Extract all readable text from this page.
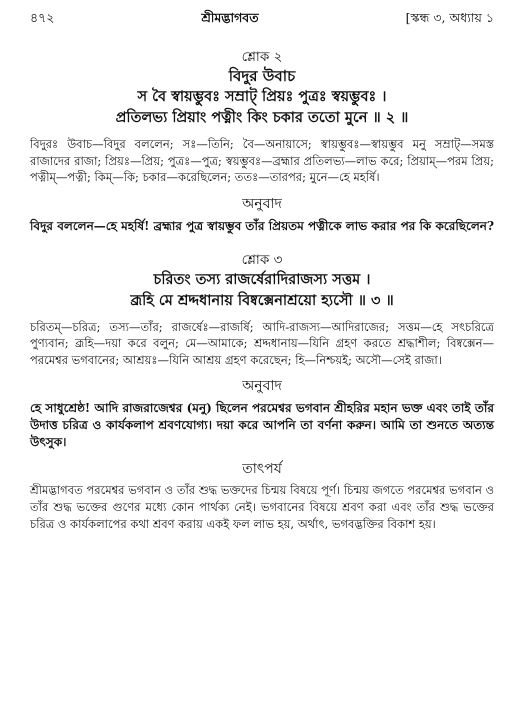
৪৭২	শ্রীমদ্ভাগবত	[স্কন্ধ ৩, অধ্যায় ১
শ্লোক ২
বিদুর উবাচ
স বৈ স্বায়ম্ভুবঃ সম্রাট্‌ প্রিয়ঃ পুত্রঃ স্বয়ম্ভুবঃ ।
প্রতিলভ্য প্রিয়াং পত্নীং কিং চকার ততো মুনে ॥ ২ ॥
বিদুরঃ উবাচ—বিদুর বললেন; সঃ—তিনি; বৈ—অনায়াসে; স্বায়ম্ভুবঃ—স্বায়ম্ভুব মনু সম্রাট্‌—সমস্ত রাজাদের রাজা; প্রিয়ঃ—প্রিয়; পুত্রঃ—পুত্র; স্বয়ম্ভুবঃ—ব্রহ্মার প্রতিলভ্য—লাভ করে; প্রিয়াম্‌—পরম প্রিয়; পত্নীম্‌—পত্নী; কিম্‌—কি; চকার—করেছিলেন; ততঃ—তারপর; মুনে—হে মহর্ষি।
অনুবাদ
বিদুর বললেন—হে মহর্ষি! ব্রহ্মার পুত্র স্বায়ম্ভুব তাঁর প্রিয়তম পত্নীকে লাভ করার পর কি করেছিলেন?
শ্লোক ৩
চরিতং তস্য রাজর্ষেরাদিরাজস্য সত্তম ।
ব্রূহি মে শ্রদ্দধানায় বিষ্বক্সেনাশ্রয়ো হ্যসৌ ॥ ৩ ॥
চরিতম্‌—চরিত্র; তস্য—তাঁর; রাজর্ষেঃ—রাজর্ষি; আদি-রাজস্য—আদিরাজের; সত্তম—হে সৎচরিত্রে পুণ্যবান; ব্রূহি—দয়া করে বলুন; মে—আমাকে; শ্রদ্দধানায়—যিনি গ্রহণ করতে শ্রদ্ধাশীল; বিষ্বক্সেন—পরমেশ্বর ভগবানের; আশ্রয়ঃ—যিনি আশ্রয় গ্রহণ করেছেন; হি—নিশ্চয়ই; অসৌ—সেই রাজা।
অনুবাদ
হে সাধুশ্রেষ্ঠ! আদি রাজরাজেশ্বর (মনু) ছিলেন পরমেশ্বর ভগবান শ্রীহরির মহান ভক্ত এবং তাই তাঁর উদাত্ত চরিত্র ও কার্যকলাপ শ্রবণযোগ্য। দয়া করে আপনি তা বর্ণনা করুন। আমি তা শুনতে অত্যন্ত উৎসুক।
তাৎপর্য
শ্রীমদ্ভাগবত পরমেশ্বর ভগবান ও তাঁর শুদ্ধ ভক্তদের চিন্ময় বিষয়ে পূর্ণ। চিন্ময় জগতে পরমেশ্বর ভগবান ও তাঁর শুদ্ধ ভক্তের গুণের মধ্যে কোন পার্থক্য নেই। ভগবানের বিষয়ে শ্রবণ করা এবং তাঁর শুদ্ধ ভক্তের চরিত্র ও কার্যকলাপের কথা শ্রবণ করায় একই ফল লাভ হয়, অর্থাৎ, ভগবদ্ভক্তির বিকাশ হয়।
